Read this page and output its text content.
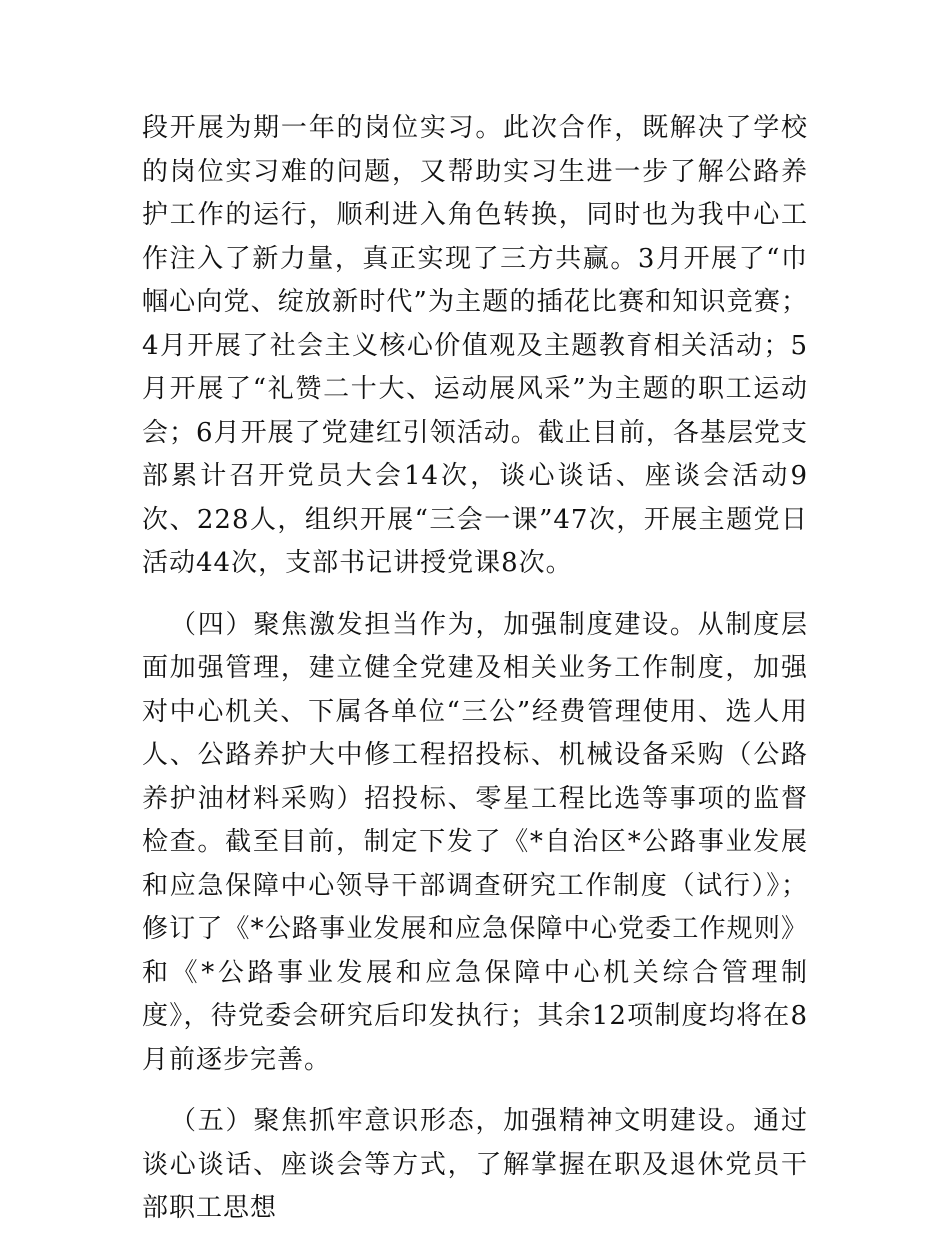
段开展为期一年的岗位实习。此次合作，既解决了学校的岗位实习难的问题，又帮助实习生进一步了解公路养护工作的运行，顺利进入角色转换，同时也为我中心工作注入了新力量，真正实现了三方共赢。3月开展了“巾帼心向党、绽放新时代”为主题的插花比赛和知识竞赛；4月开展了社会主义核心价值观及主题教育相关活动；5月开展了“礼赞二十大、运动展风采”为主题的职工运动会；6月开展了党建红引领活动。截止目前，各基层党支部累计召开党员大会14次，谈心谈话、座谈会活动9次、228人，组织开展“三会一课”47次，开展主题党日活动44次，支部书记讲授党课8次。

（四）聚焦激发担当作为，加强制度建设。从制度层面加强管理，建立健全党建及相关业务工作制度，加强对中心机关、下属各单位“三公”经费管理使用、选人用人、公路养护大中修工程招投标、机械设备采购（公路养护油材料采购）招投标、零星工程比选等事项的监督检查。截至目前，制定下发了《*自治区*公路事业发展和应急保障中心领导干部调查研究工作制度（试行）》；修订了《*公路事业发展和应急保障中心党委工作规则》和《*公路事业发展和应急保障中心机关综合管理制度》，待党委会研究后印发执行；其余12项制度均将在8月前逐步完善。

（五）聚焦抓牢意识形态，加强精神文明建设。通过谈心谈话、座谈会等方式，了解掌握在职及退休党员干部职工思想
